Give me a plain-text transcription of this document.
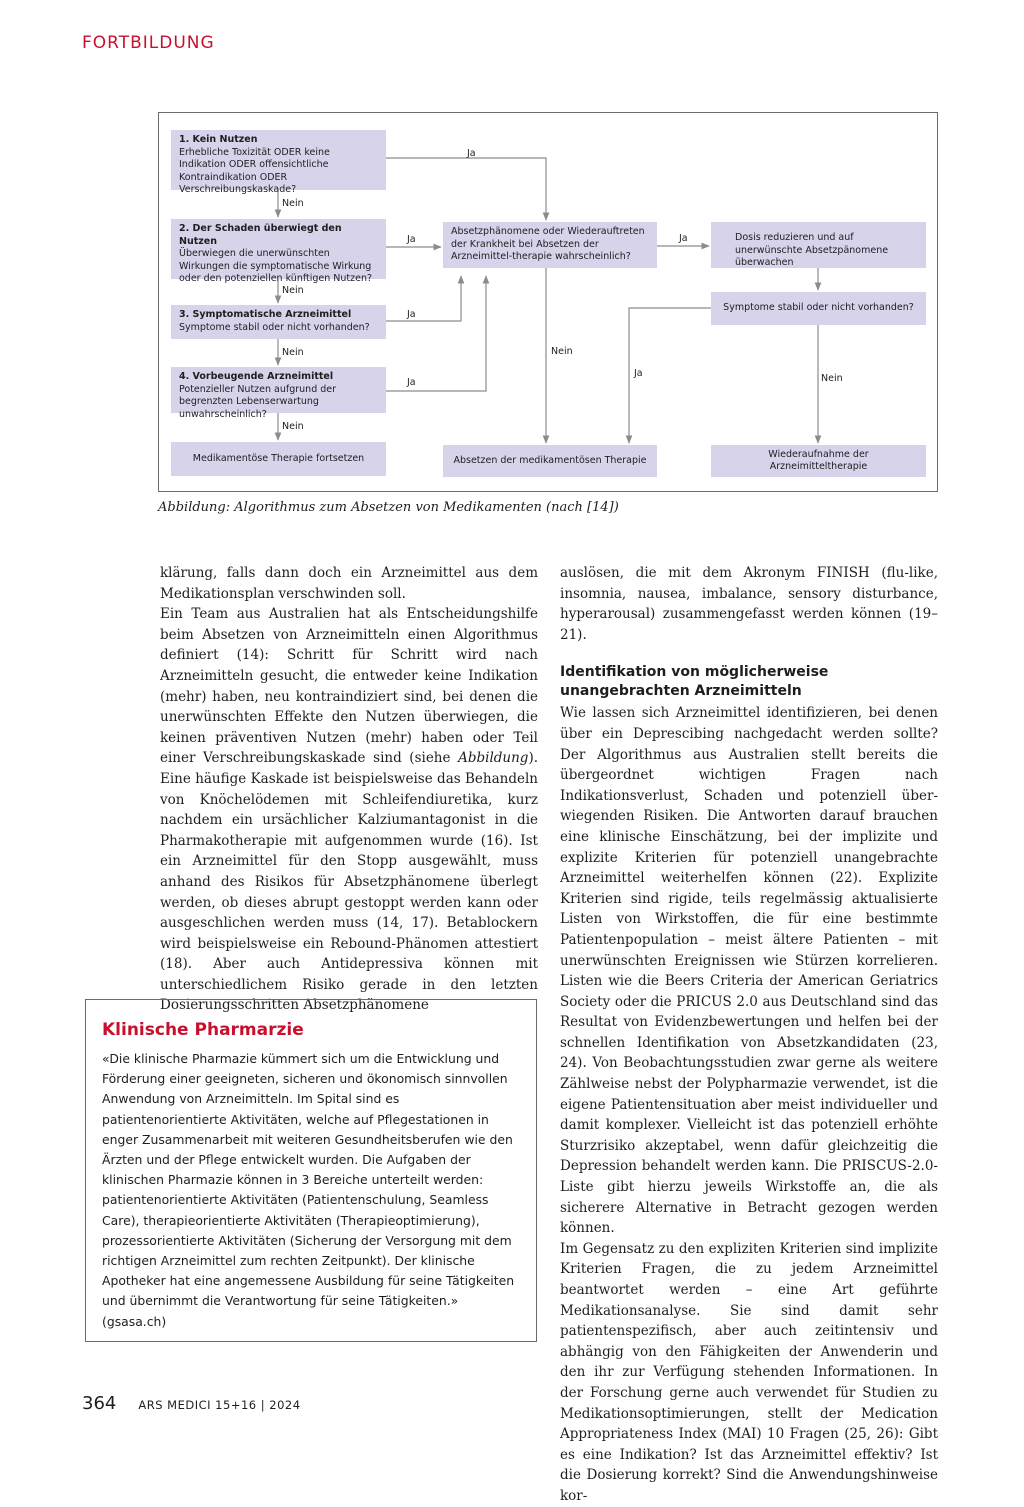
FORTBILDUNG
1. Kein Nutzen
Erhebliche Toxizität ODER keine Indikation ODER offensichtliche Kontraindikation ODER Verschreibungskaskade?
Nein
Ja
2. Der Schaden überwiegt den Nutzen
Überwiegen die unerwünschten Wirkungen die symptomatische Wirkung oder den potenziellen künftigen Nutzen?
Ja
Nein
3. Symptomatische Arzneimittel
Symptome stabil oder nicht vorhanden?
Ja
Nein
4. Vorbeugende Arzneimittel
Potenzieller Nutzen aufgrund der begrenzten Lebenserwartung unwahrscheinlich?
Ja
Nein
Medikamentöse Therapie fortsetzen
Absetzphänomene oder Wiederauftreten der Krankheit bei Absetzen der Arzneimittel-therapie wahrscheinlich?
Ja
Nein
Dosis reduzieren und auf unerwünschte Absetzpänomene überwachen
Symptome stabil oder nicht vorhanden?
Ja	Nein
Absetzen der medikamentösen Therapie
Wiederaufnahme der Arzneimitteltherapie
Abbildung: Algorithmus zum Absetzen von Medikamenten (nach [14])

klärung, falls dann doch ein Arzneimittel aus dem Medikationsplan verschwinden soll.

Ein Team aus Australien hat als Entscheidungshilfe beim Absetzen von Arzneimitteln einen Algorithmus definiert (14): Schritt für Schritt wird nach Arzneimitteln gesucht, die entweder keine Indikation (mehr) haben, neu kontraindiziert sind, bei denen die unerwünschten Effekte den Nutzen überwiegen, die keinen präventiven Nutzen (mehr) haben oder Teil einer Verschreibungskaskade sind (siehe Abbildung). Eine häufige Kaskade ist beispielsweise das Behandeln von Knöchelödemen mit Schleifendiuretika, kurz nachdem ein ursächlicher Kalziumantagonist in die Pharmakotherapie mit aufgenommen wurde (16). Ist ein Arzneimittel für den Stopp ausgewählt, muss anhand des Risikos für Absetzphänomene überlegt werden, ob dieses abrupt gestoppt werden kann oder ausgeschlichen werden muss (14, 17). Betablockern wird beispielsweise ein Rebound-Phänomen attestiert (18). Aber auch Antidepressiva können mit unterschiedlichem Risiko gerade in den letzten Dosierungsschritten Absetzphänomene

Klinische Pharmarzie

«Die klinische Pharmazie kümmert sich um die Entwicklung und Förderung einer geeigneten, sicheren und ökonomisch sinnvollen Anwendung von Arzneimitteln. Im Spital sind es patientenorientierte Aktivitäten, welche auf Pflegestationen in enger Zusammenarbeit mit weiteren Gesundheitsberufen wie den Ärzten und der Pflege entwickelt wurden. Die Aufgaben der klinischen Pharmazie können in 3 Bereiche unterteilt werden: patientenorientierte Aktivitäten (Patientenschulung, Seamless Care), therapieorientierte Aktivitäten (Therapieoptimierung), prozessorientierte Aktivitäten (Sicherung der Versorgung mit dem richtigen Arzneimittel zum rechten Zeitpunkt). Der klinische Apotheker hat eine angemessene Ausbildung für seine Tätigkeiten und übernimmt die Verantwortung für seine Tätigkeiten.» (gsasa.ch)

auslösen, die mit dem Akronym FINISH (flu-like, insomnia, nausea, imbalance, sensory disturbance, hyperarousal) zusammengefasst werden können (19–21).

Identifikation von möglicherweise unangebrachten Arzneimitteln

Wie lassen sich Arzneimittel identifizieren, bei denen über ein Deprescibing nachgedacht werden sollte? Der Algorithmus aus Australien stellt bereits die übergeordnet wichtigen Fragen nach Indikationsverlust, Schaden und potenziell überwiegenden Risiken. Die Antworten darauf brauchen eine klinische Einschätzung, bei der implizite und explizite Kriterien für potenziell unangebrachte Arzneimittel weiterhelfen können (22). Explizite Kriterien sind rigide, teils regelmässig aktualisierte Listen von Wirkstoffen, die für eine bestimmte Patientenpopulation – meist ältere Patienten – mit unerwünschten Ereignissen wie Stürzen korrelieren. Listen wie die Beers Criteria der American Geriatrics Society oder die PRICUS 2.0 aus Deutschland sind das Resultat von Evidenzbewertungen und helfen bei der schnellen Identifikation von Absetzkandidaten (23, 24). Von Beobachtungsstudien zwar gerne als weitere Zählweise nebst der Polypharmazie verwendet, ist die eigene Patientensituation aber meist individueller und damit komplexer. Vielleicht ist das potenziell erhöhte Sturzrisiko akzeptabel, wenn dafür gleichzeitig die Depression behandelt werden kann. Die PRISCUS-2.0-Liste gibt hierzu jeweils Wirkstoffe an, die als sicherere Alternative in Betracht gezogen werden können.

Im Gegensatz zu den expliziten Kriterien sind implizite Kriterien Fragen, die zu jedem Arzneimittel beantwortet werden – eine Art geführte Medikationsanalyse. Sie sind damit sehr patientenspezifisch, aber auch zeitintensiv und abhängig von den Fähigkeiten der Anwenderin und den ihr zur Verfügung stehenden Informationen. In der Forschung gerne auch verwendet für Studien zu Medikationsoptimierungen, stellt der Medication Appropriateness Index (MAI) 10 Fragen (25, 26): Gibt es eine Indikation? Ist das Arzneimittel effektiv? Ist die Dosierung korrekt? Sind die Anwendungshinweise kor-

364 ARS MEDICI 15+16 | 2024
